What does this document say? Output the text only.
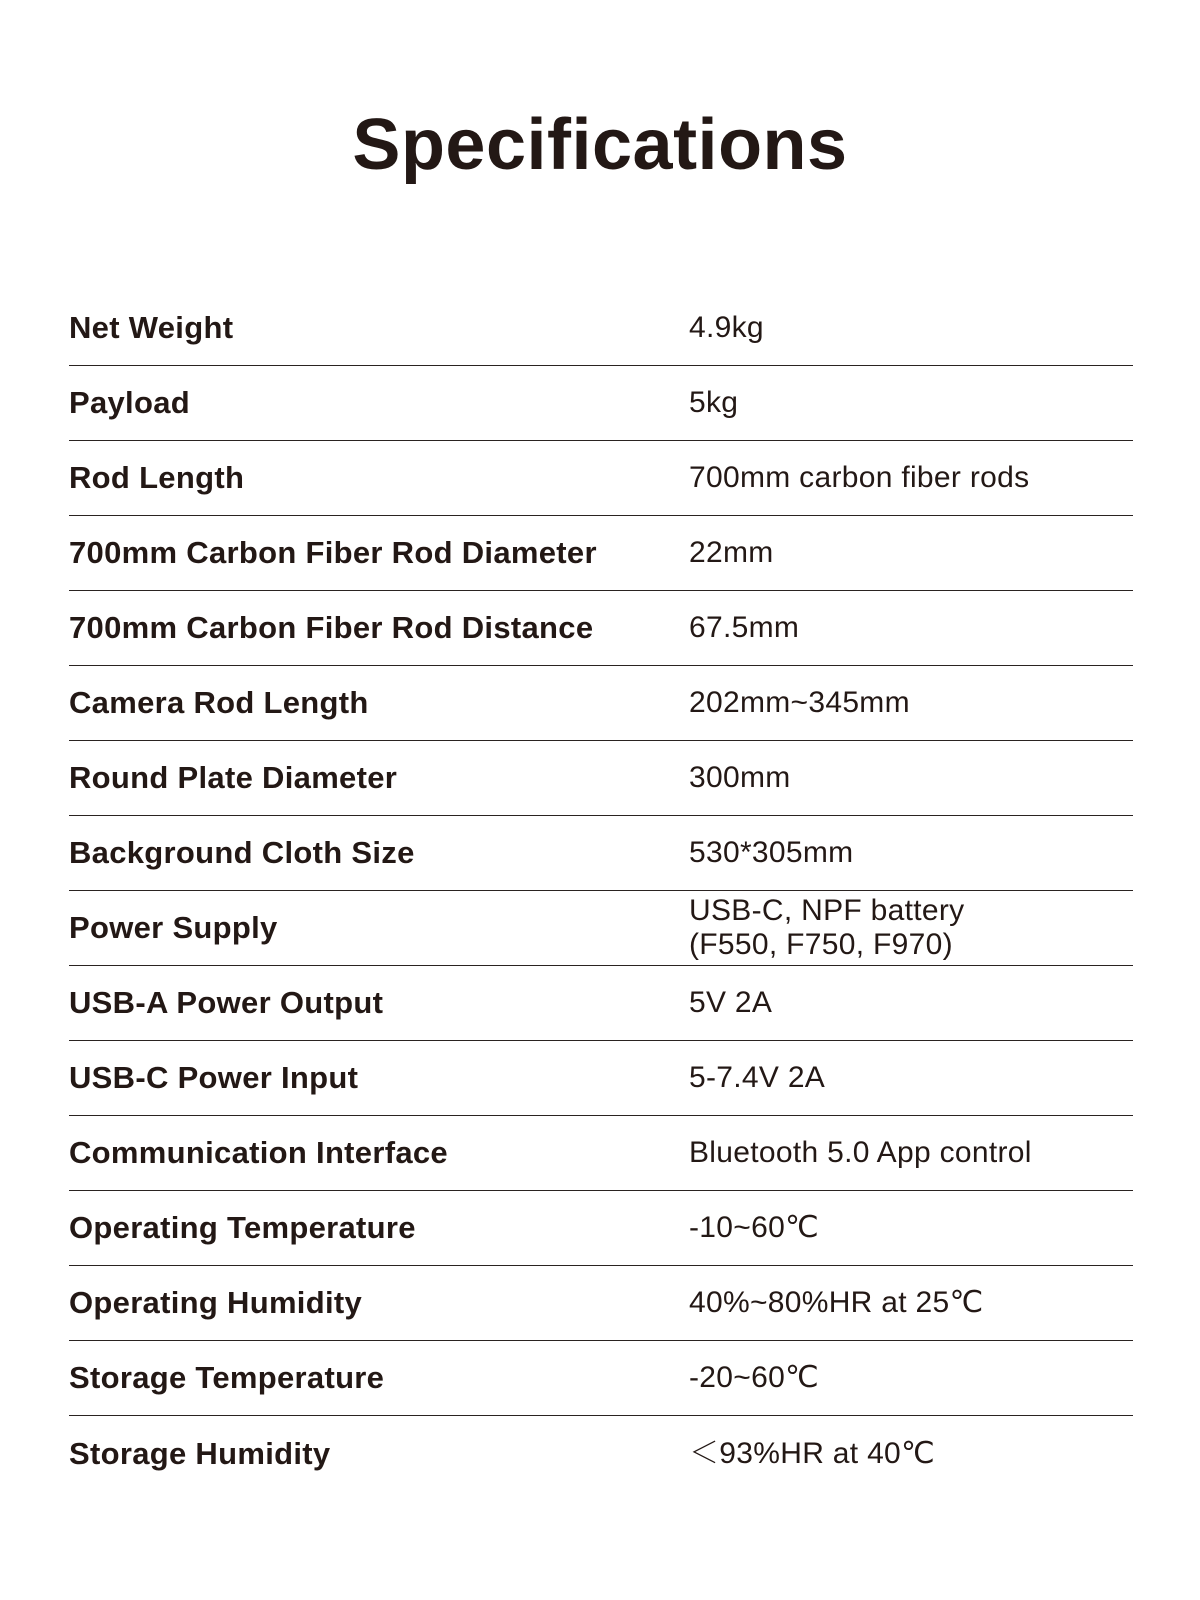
Specifications
Net Weight	4.9kg
Payload	5kg
Rod Length	700mm carbon fiber rods
700mm Carbon Fiber Rod Diameter	22mm
700mm Carbon Fiber Rod Distance	67.5mm
Camera Rod Length	202mm~345mm
Round Plate Diameter	300mm
Background Cloth Size	530*305mm
Power Supply	USB-C, NPF battery
(F550, F750, F970)
USB-A Power Output	5V 2A
USB-C Power Input	5-7.4V 2A
Communication Interface	Bluetooth 5.0 App control
Operating Temperature	-10~60℃
Operating Humidity	40%~80%HR at 25℃
Storage Temperature	-20~60℃
Storage Humidity	＜93%HR at 40℃
